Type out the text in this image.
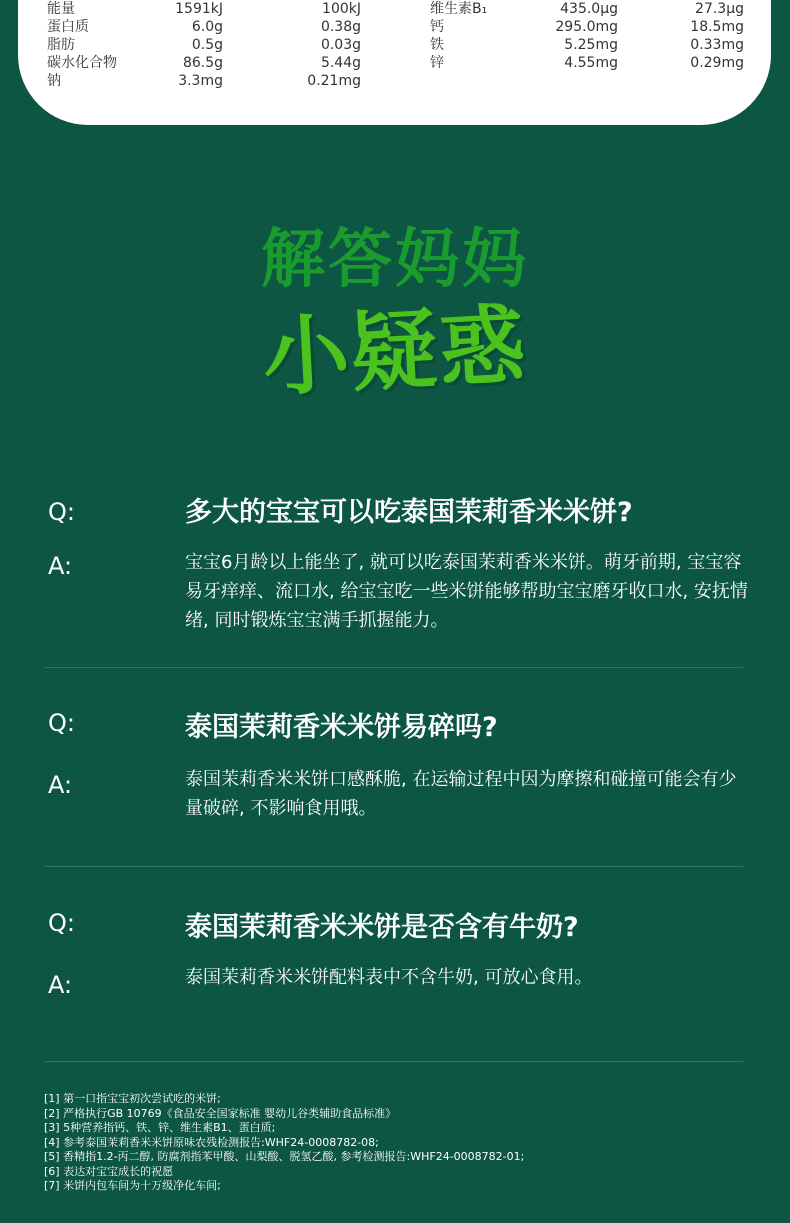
能量	1591kJ	100kJ	维生素B₁	435.0μg	27.3μg
蛋白质	6.0g	0.38g	钙	295.0mg	18.5mg
脂肪	0.5g	0.03g	铁	5.25mg	0.33mg
碳水化合物	86.5g	5.44g	锌	4.55mg	0.29mg
钠	3.3mg	0.21mg
解答妈妈
小疑惑
Q:	多大的宝宝可以吃泰国茉莉香米米饼?
A:	宝宝6月龄以上能坐了, 就可以吃泰国茉莉香米米饼。萌牙前期, 宝宝容易牙痒痒、流口水, 给宝宝吃一些米饼能够帮助宝宝磨牙收口水, 安抚情绪, 同时锻炼宝宝满手抓握能力。
Q:	泰国茉莉香米米饼易碎吗?
A:	泰国茉莉香米米饼口感酥脆, 在运输过程中因为摩擦和碰撞可能会有少量破碎, 不影响食用哦。
Q:	泰国茉莉香米米饼是否含有牛奶?
A:	泰国茉莉香米米饼配料表中不含牛奶, 可放心食用。
[1] 第一口指宝宝初次尝试吃的米饼;
[2] 严格执行GB 10769《食品安全国家标准 婴幼儿谷类辅助食品标准》
[3] 5种营养指钙、铁、锌、维生素B1、蛋白质;
[4] 参考泰国茉莉香米米饼原味农残检测报告:WHF24-0008782-08;
[5] 香精指1.2-丙二醇, 防腐剂指苯甲酸、山梨酸、脱氢乙酸, 参考检测报告:WHF24-0008782-01;
[6] 表达对宝宝成长的祝愿
[7] 米饼内包车间为十万级净化车间;
